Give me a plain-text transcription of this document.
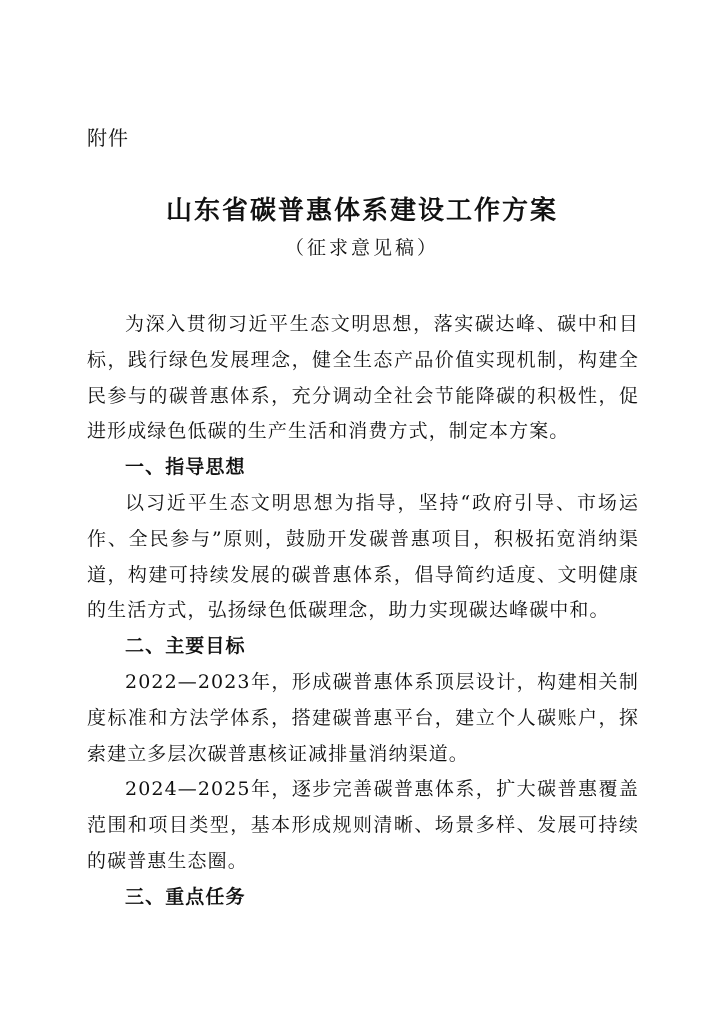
附件
山东省碳普惠体系建设工作方案
（征求意见稿）

为深入贯彻习近平生态文明思想，落实碳达峰、碳中和目标，践行绿色发展理念，健全生态产品价值实现机制，构建全民参与的碳普惠体系，充分调动全社会节能降碳的积极性，促进形成绿色低碳的生产生活和消费方式，制定本方案。

一、指导思想

以习近平生态文明思想为指导，坚持“政府引导、市场运作、全民参与”原则，鼓励开发碳普惠项目，积极拓宽消纳渠道，构建可持续发展的碳普惠体系，倡导简约适度、文明健康的生活方式，弘扬绿色低碳理念，助力实现碳达峰碳中和。

二、主要目标

2022—2023年，形成碳普惠体系顶层设计，构建相关制度标准和方法学体系，搭建碳普惠平台，建立个人碳账户，探索建立多层次碳普惠核证减排量消纳渠道。

2024—2025年，逐步完善碳普惠体系，扩大碳普惠覆盖范围和项目类型，基本形成规则清晰、场景多样、发展可持续的碳普惠生态圈。

三、重点任务
